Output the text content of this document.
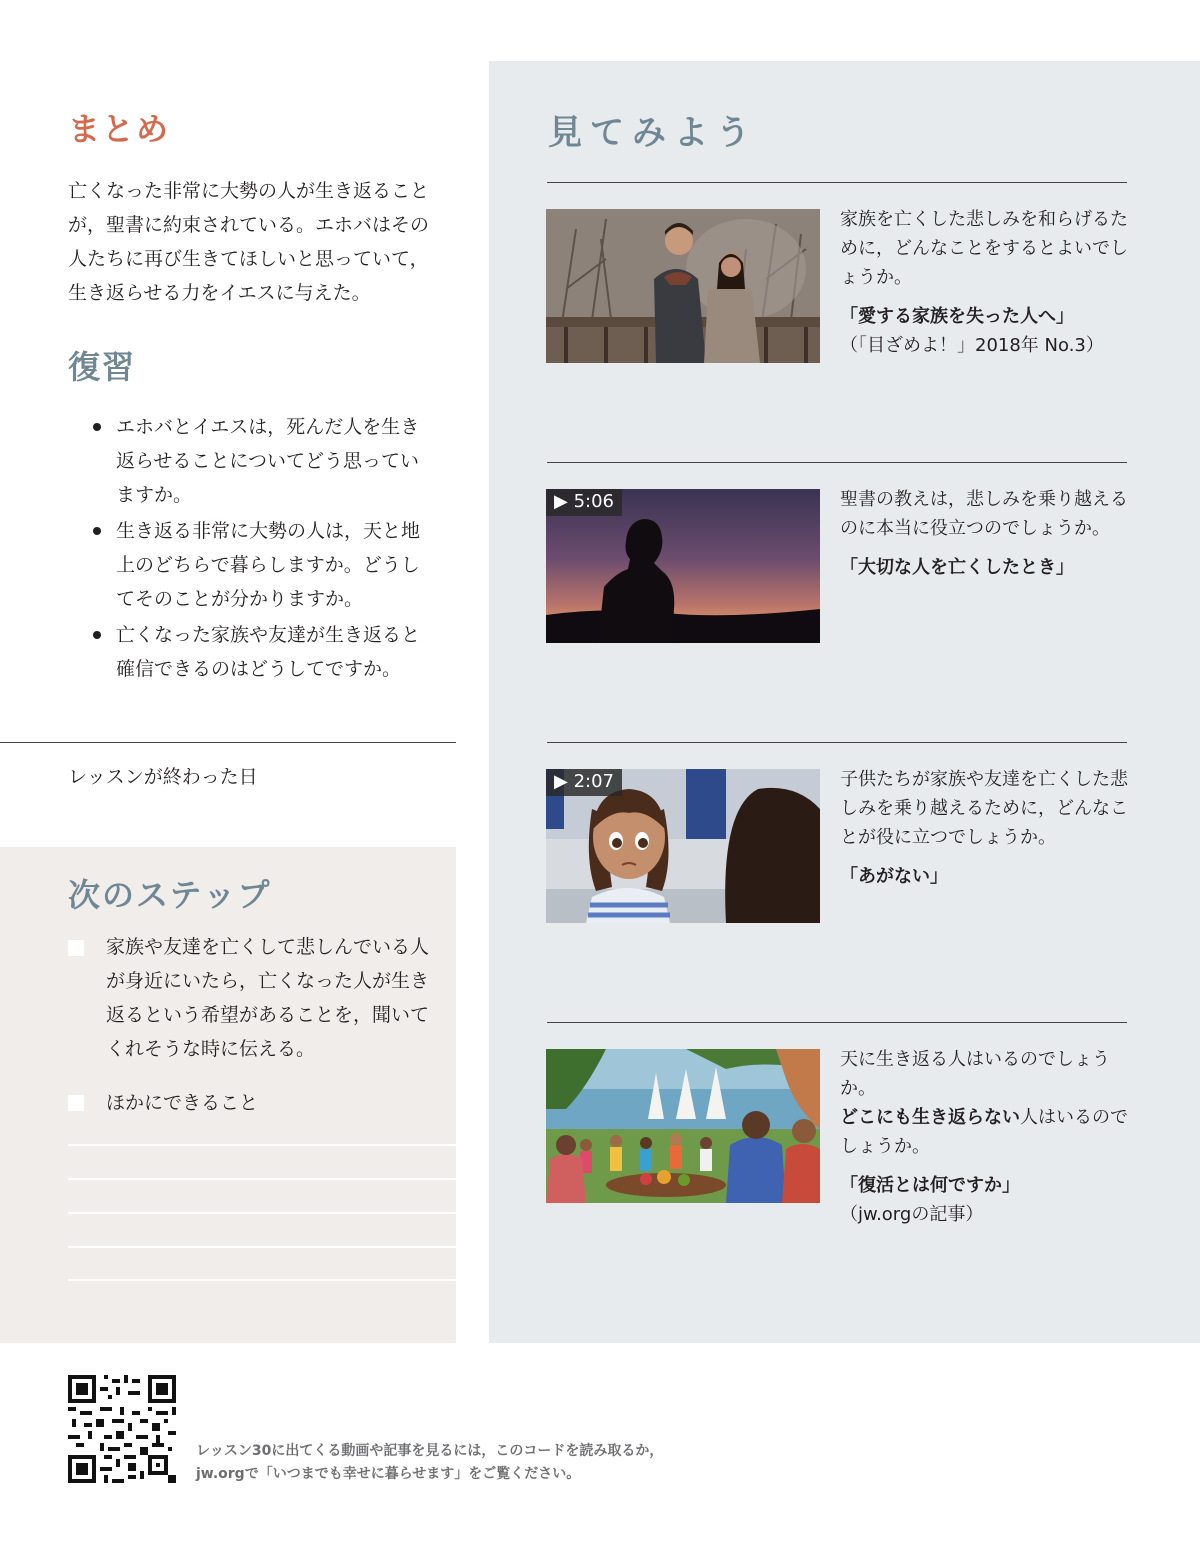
まとめ
亡くなった非常に大勢の人が生き返ることが，聖書に約束されている。エホバはその人たちに再び生きてほしいと思っていて，生き返らせる力をイエスに与えた。
復習
エホバとイエスは，死んだ人を生き返らせることについてどう思っていますか。
生き返る非常に大勢の人は，天と地上のどちらで暮らしますか。どうしてそのことが分かりますか。
亡くなった家族や友達が生き返ると確信できるのはどうしてですか。
レッスンが終わった日
次のステップ
家族や友達を亡くして悲しんでいる人が身近にいたら，亡くなった人が生き返るという希望があることを，聞いてくれそうな時に伝える。
ほかにできること
見てみよう
家族を亡くした悲しみを和らげるために，どんなことをするとよいでしょうか。
「愛する家族を失った人へ」
（「目ざめよ！」2018年 No.3）
▶ 5:06	聖書の教えは，悲しみを乗り越えるのに本当に役立つのでしょうか。
「大切な人を亡くしたとき」
▶ 2:07	子供たちが家族や友達を亡くした悲しみを乗り越えるために，どんなことが役に立つでしょうか。
「あがない」
天に生き返る人はいるのでしょうか。
どこにも生き返らない人はいるのでしょうか。
「復活とは何ですか」
（jw.orgの記事）
レッスン30に出てくる動画や記事を見るには，このコードを読み取るか，
jw.orgで「いつまでも幸せに暮らせます」をご覧ください。
